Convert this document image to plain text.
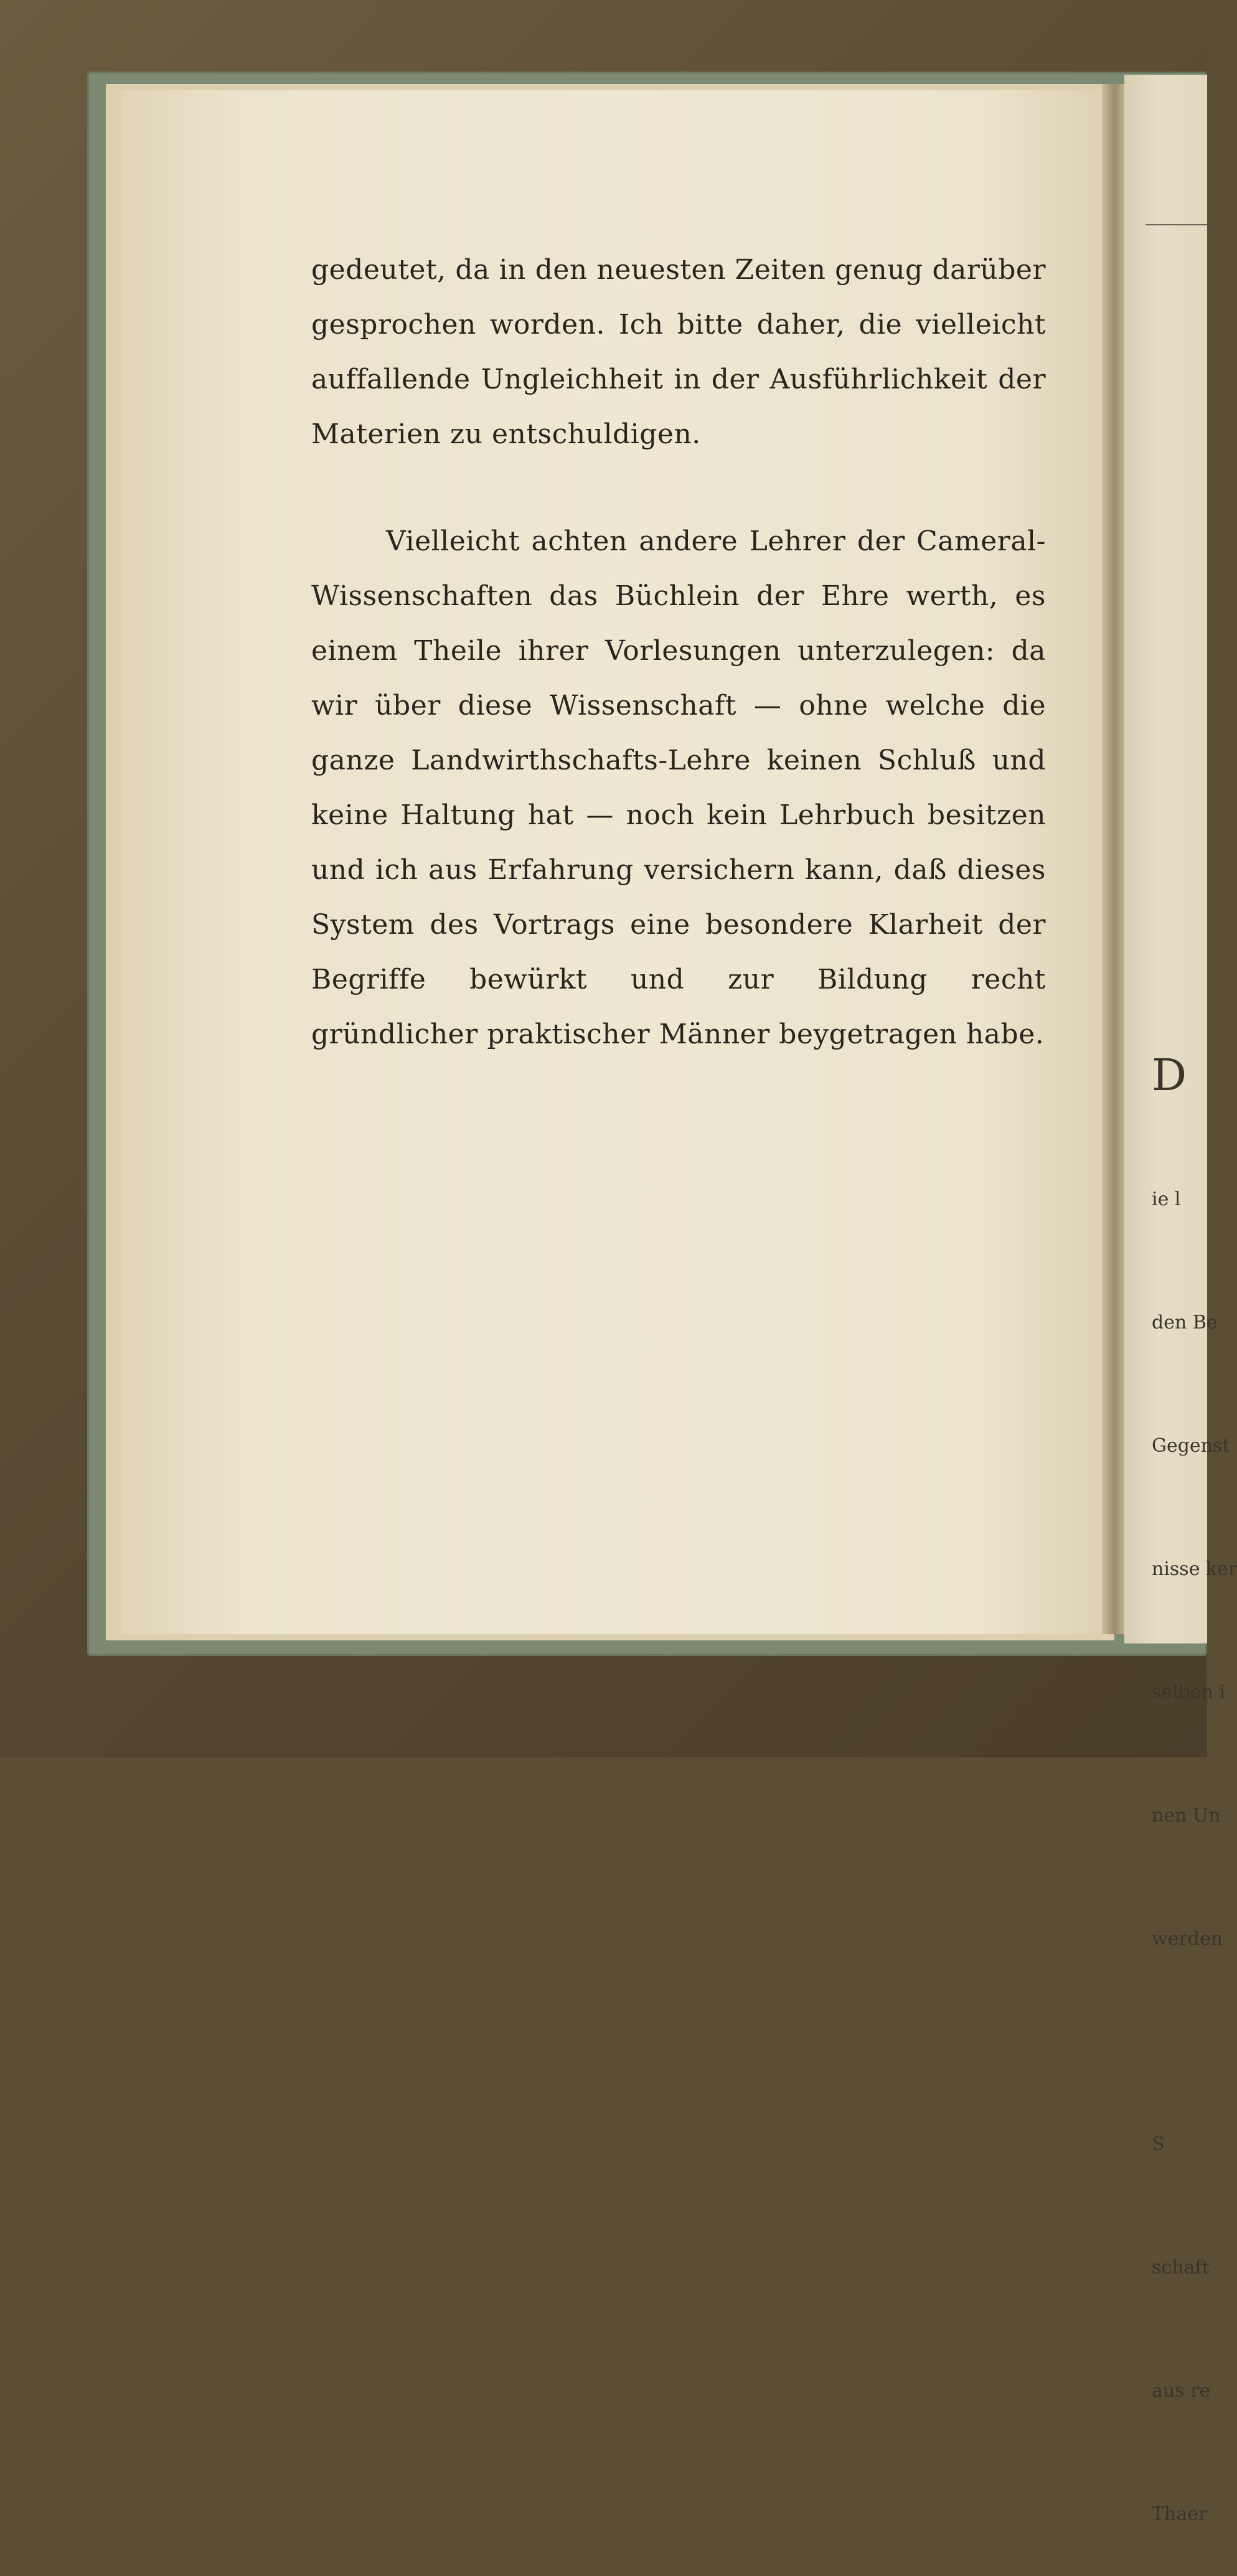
gedeutet, da in den neuesten Zeiten genug darüber gesprochen worden. Ich bitte daher, die vielleicht auffallende Ungleichheit in der Ausführlichkeit der Materien zu entschuldigen.

Vielleicht achten andere Lehrer der Cameral-Wissenschaften das Büchlein der Ehre werth, es einem Theile ihrer Vorlesungen unterzulegen: da wir über diese Wissenschaft — ohne welche die ganze Landwirthschafts-Lehre keinen Schluß und keine Haltung hat — noch kein Lehrbuch besitzen und ich aus Erfahrung versichern kann, daß dieses System des Vortrags eine besondere Klarheit der Begriffe bewürkt und zur Bildung recht gründlicher praktischer Männer beygetragen habe.

D

ie l

den Be

Gegenst

nisse ker

selben i

nen Un

werden

S

schaft

aus re

Thaer
